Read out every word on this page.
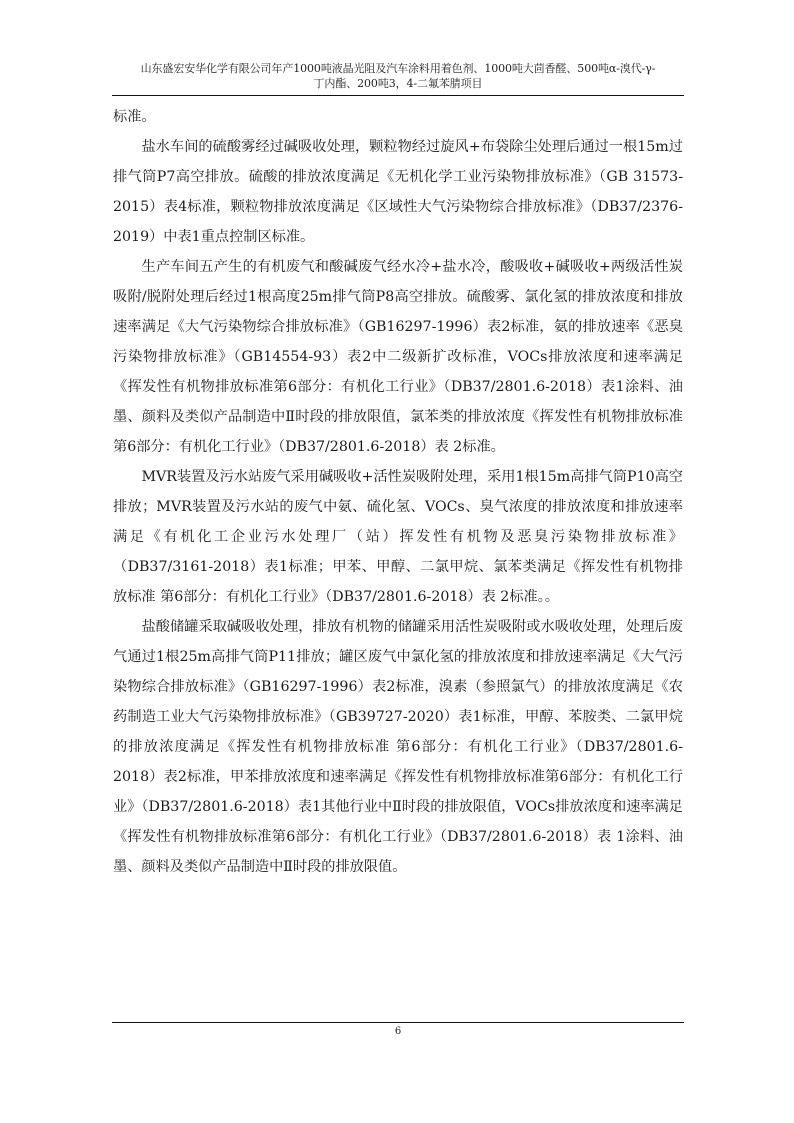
山东盛宏安华化学有限公司年产1000吨液晶光阻及汽车涂料用着色剂、1000吨大茴香醛、500吨α-溴代-γ-
丁内酯、200吨3，4-二氟苯腈项目

标准。

盐水车间的硫酸雾经过碱吸收处理，颗粒物经过旋风+布袋除尘处理后通过一根15m过排气筒P7高空排放。硫酸的排放浓度满足《无机化学工业污染物排放标准》（GB 31573-2015）表4标准，颗粒物排放浓度满足《区域性大气污染物综合排放标准》（DB37/2376-2019）中表1重点控制区标准。

生产车间五产生的有机废气和酸碱废气经水冷+盐水冷，酸吸收+碱吸收+两级活性炭吸附/脱附处理后经过1根高度25m排气筒P8高空排放。硫酸雾、氯化氢的排放浓度和排放速率满足《大气污染物综合排放标准》（GB16297-1996）表2标准，氨的排放速率《恶臭污染物排放标准》（GB14554-93）表2中二级新扩改标准，VOCs排放浓度和速率满足《挥发性有机物排放标准第6部分：有机化工行业》（DB37/2801.6-2018）表1涂料、油墨、颜料及类似产品制造中Ⅱ时段的排放限值，氯苯类的排放浓度《挥发性有机物排放标准 第6部分：有机化工行业》（DB37/2801.6-2018）表 2标准。

MVR装置及污水站废气采用碱吸收+活性炭吸附处理，采用1根15m高排气筒P10高空排放；MVR装置及污水站的废气中氨、硫化氢、VOCs、臭气浓度的排放浓度和排放速率满足《有机化工企业污水处理厂（站）挥发性有机物及恶臭污染物排放标准》（DB37/3161-2018）表1标准；甲苯、甲醇、二氯甲烷、氯苯类满足《挥发性有机物排放标准 第6部分：有机化工行业》（DB37/2801.6-2018）表 2标准。。

盐酸储罐采取碱吸收处理，排放有机物的储罐采用活性炭吸附或水吸收处理，处理后废气通过1根25m高排气筒P11排放；罐区废气中氯化氢的排放浓度和排放速率满足《大气污染物综合排放标准》（GB16297-1996）表2标准，溴素（参照氯气）的排放浓度满足《农药制造工业大气污染物排放标准》（GB39727-2020）表1标准，甲醇、苯胺类、二氯甲烷的排放浓度满足《挥发性有机物排放标准 第6部分：有机化工行业》（DB37/2801.6-2018）表2标准，甲苯排放浓度和速率满足《挥发性有机物排放标准第6部分：有机化工行业》（DB37/2801.6-2018）表1其他行业中Ⅱ时段的排放限值，VOCs排放浓度和速率满足《挥发性有机物排放标准第6部分：有机化工行业》（DB37/2801.6-2018）表 1涂料、油墨、颜料及类似产品制造中Ⅱ时段的排放限值。

6
